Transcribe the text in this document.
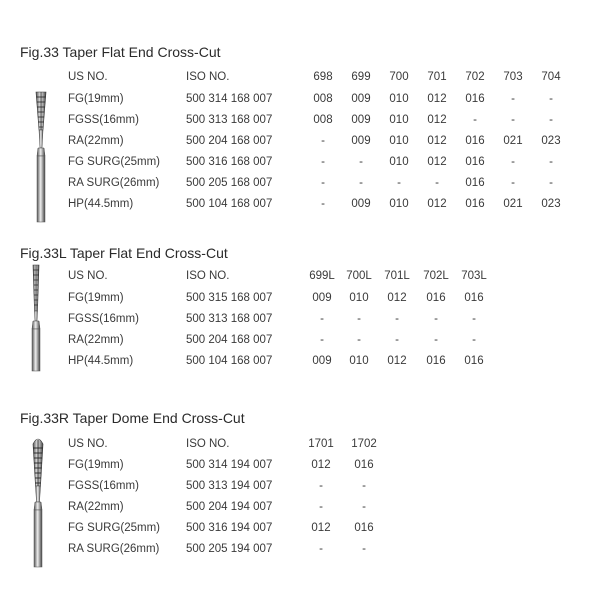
Fig.33 Taper Flat End Cross-Cut
US NO.	ISO NO.	698	699	700	701	702	703	704
FG(19mm)	500 314 168 007	008	009	010	012	016	-	-
FGSS(16mm)	500 313 168 007	008	009	010	012	-	-	-
RA(22mm)	500 204 168 007	-	009	010	012	016	021	023
FG SURG(25mm) 500 316 168 007	-	-	010	012	016	-	-
RA SURG(26mm) 500 205 168 007	-	-	-	-	016	-	-
HP(44.5mm)	500 104 168 007	-	009	010	012	016	021	023
Fig.33L Taper Flat End Cross-Cut
US NO.	ISO NO.	699L 700L	701L	702L	703L
FG(19mm)	500 315 168 007	009	010	012	016	016
FGSS(16mm)	500 313 168 007	-	-	-	-	-
RA(22mm)	500 204 168 007	-	-	-	-	-
HP(44.5mm)	500 104 168 007	009	010	012	016	016
Fig.33R Taper Dome End Cross-Cut
US NO.	ISO NO.	1701	1702
FG(19mm)	500 314 194 007	012	016
FGSS(16mm)	500 313 194 007	-	-
RA(22mm)	500 204 194 007	-	-
FG SURG(25mm) 500 316 194 007	012	016
RA SURG(26mm) 500 205 194 007	-	-
